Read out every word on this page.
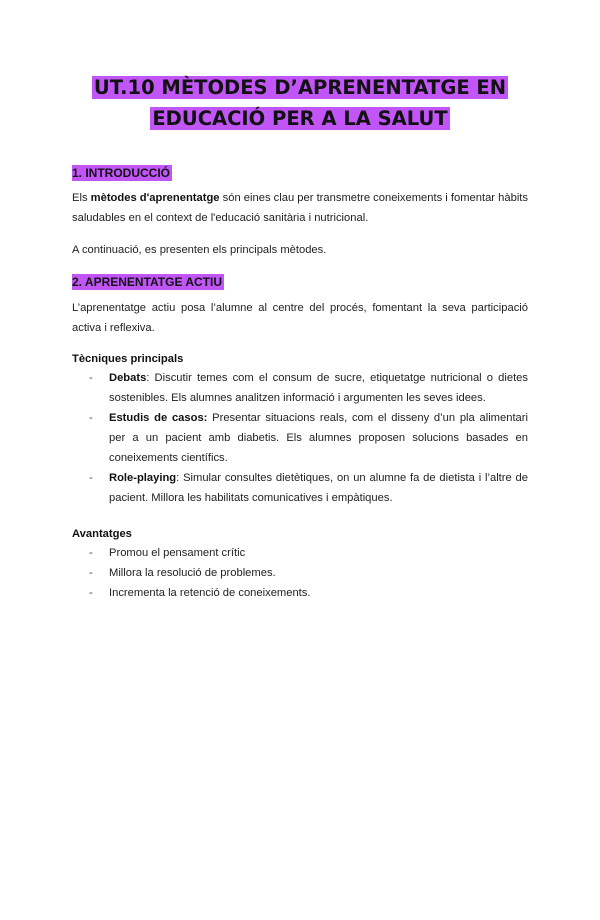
UT.10 MÈTODES D’APRENENTATGE EN
EDUCACIÓ PER A LA SALUT
1. INTRODUCCIÓ

Els mètodes d'aprenentatge són eines clau per transmetre coneixements i fomentar hàbits saludables en el context de l'educació sanitària i nutricional.

A continuació, es presenten els principals mètodes.

2. APRENENTATGE ACTIU

L’aprenentatge actiu posa l’alumne al centre del procés, fomentant la seva participació activa i reflexiva.

Tècniques principals
- Debats: Discutir temes com el consum de sucre, etiquetatge nutricional o dietes sostenibles. Els alumnes analitzen informació i argumenten les seves idees.
- Estudis de casos: Presentar situacions reals, com el disseny d’un pla alimentari per a un pacient amb diabetis. Els alumnes proposen solucions basades en coneixements científics.
- Role-playing: Simular consultes dietètiques, on un alumne fa de dietista i l’altre de pacient. Millora les habilitats comunicatives i empàtiques.
Avantatges
- Promou el pensament crític
- Millora la resolució de problemes.
- Incrementa la retenció de coneixements.
